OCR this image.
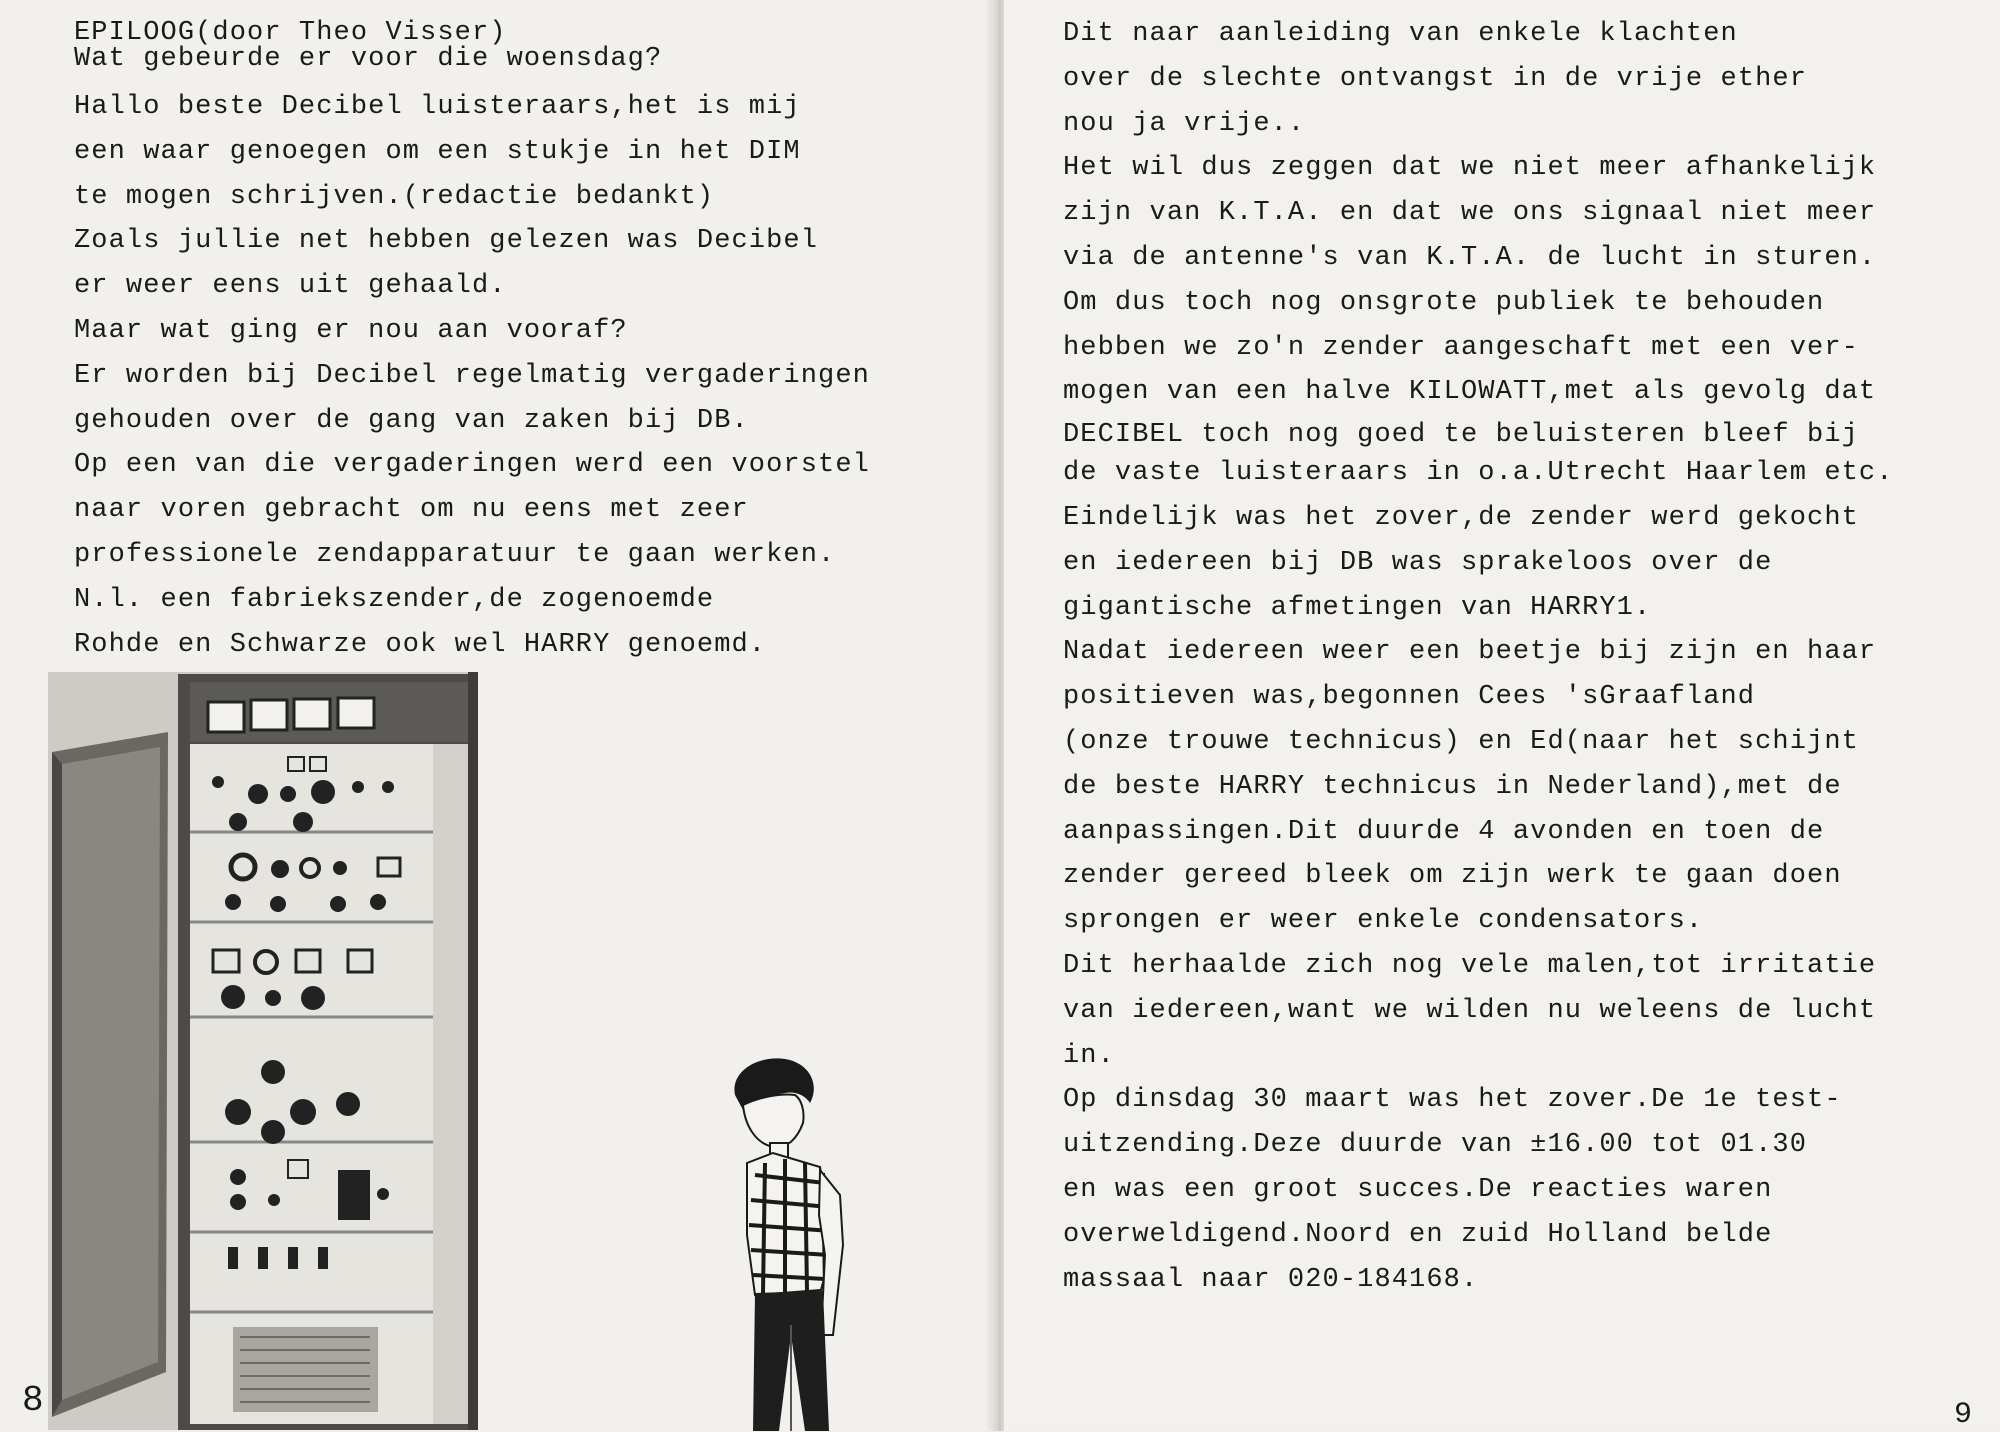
EPILOOG(door Theo Visser)
Wat gebeurde er voor die woensdag?
Hallo beste Decibel luisteraars,het is mij
een waar genoegen om een stukje in het DIM
te mogen schrijven.(redactie bedankt)
Zoals jullie net hebben gelezen was Decibel
er weer eens uit gehaald.
Maar wat ging er nou aan vooraf?
Er worden bij Decibel regelmatig vergaderingen
gehouden over de gang van zaken bij DB.
Op een van die vergaderingen werd een voorstel
naar voren gebracht om nu eens met zeer
professionele zendapparatuur te gaan werken.
N.l. een fabrieksz​ender,de zogenoemde
Rohde en Schwarze ook wel HARRY genoemd.
8
Dit naar aanleiding van enkele klachten
over de slechte ontvangst in de vrije ether
nou ja vrije..
Het wil dus zeggen dat we niet meer afhankelijk
zijn van K.T.A. en dat we ons signaal niet meer
via de antenne's van K.T.A. de lucht in sturen.
Om dus toch nog onsgrote publiek te behouden
hebben we zo'n zender aangeschaft met een ver-
mogen van een halve KILOWATT,met als gevolg dat
DECIBEL toch nog goed te beluisteren bleef bij
de vaste luisteraars in o.a.Utrecht Haarlem etc.
Eindelijk was het zover,de zender werd gekocht
en iedereen bij DB was sprakeloos over de
gigantische afmetingen van HARRY1.
Nadat iedereen weer een beetje bij zijn en haar
positieven was,begonnen Cees 'sGraafland
(onze trouwe technicus) en Ed(naar het schijnt
de beste HARRY technicus in Nederland),met de
aanpassingen.Dit duurde 4 avonden en toen de
zender gereed bleek om zijn werk te gaan doen
sprongen er weer enkele condensators.
Dit herhaalde zich nog vele malen,tot irritatie
van iedereen,want we wilden nu weleens de lucht
in.
Op dinsdag 30 maart was het zover.De 1e test-
uitzending.Deze duurde van ±16.00 tot 01.30
en was een groot succes.De reacties waren
overweldigend.Noord en zuid Holland belde
massaal naar 020-184168.
9
